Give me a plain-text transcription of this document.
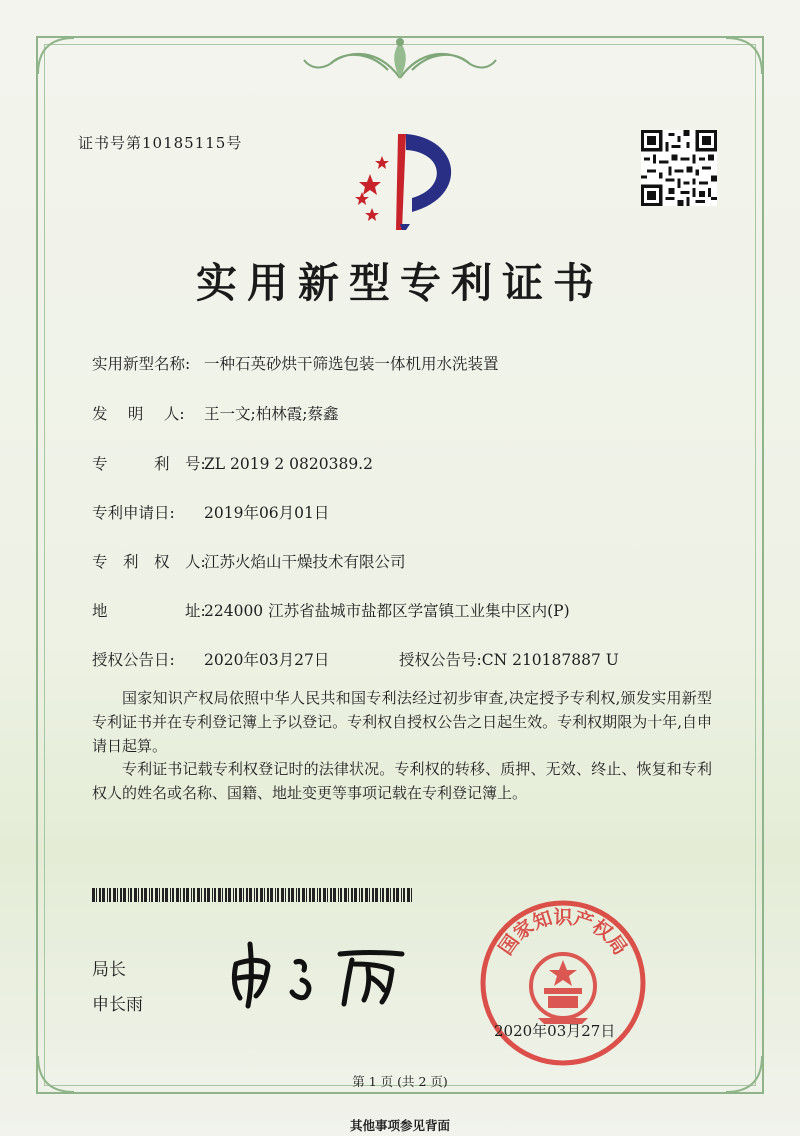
证书号第10185115号
实用新型专利证书
实用新型名称: 一种石英砂烘干筛选包装一体机用水洗装置
发　 明　 人: 王一文;柏林霞;蔡鑫
专　　　利　号:ZL 2019 2 0820389.2
专利申请日: 2019年06月01日
专　利　权　人:江苏火焰山干燥技术有限公司
地　　　　　址:224000 江苏省盐城市盐都区学富镇工业集中区内(P)
授权公告日: 2020年03月27日	授权公告号:CN 210187887 U
国家知识产权局依照中华人民共和国专利法经过初步审查,决定授予专利权,颁发实用新型专利证书并在专利登记簿上予以登记。专利权自授权公告之日起生效。专利权期限为十年,自申请日起算。
专利证书记载专利权登记时的法律状况。专利权的转移、质押、无效、终止、恢复和专利权人的姓名或名称、国籍、地址变更等事项记载在专利登记簿上。
局长
申长雨
国家知识产权局
2020年03月27日
第 1 页 (共 2 页)
其他事项参见背面
